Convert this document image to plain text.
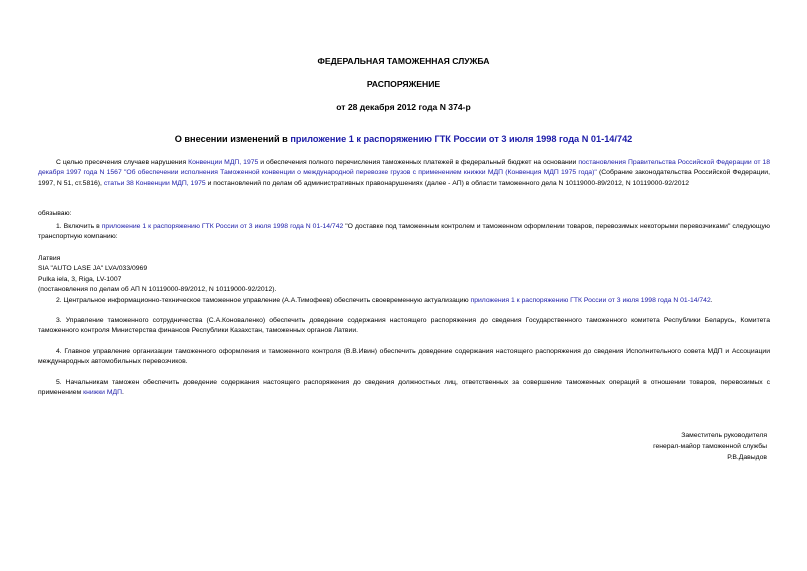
ФЕДЕРАЛЬНАЯ ТАМОЖЕННАЯ СЛУЖБА
РАСПОРЯЖЕНИЕ
от 28 декабря 2012 года N 374-р
О внесении изменений в приложение 1 к распоряжению ГТК России от 3 июля 1998 года N 01-14/742

С целью пресечения случаев нарушения Конвенции МДП, 1975 и обеспечения полного перечисления таможенных платежей в федеральный бюджет на основании постановления Правительства Российской Федерации от 18 декабря 1997 года N 1567 "Об обеспечении исполнения Таможенной конвенции о международной перевозке грузов с применением книжки МДП (Конвенция МДП 1975 года)" (Собрание законодательства Российской Федерации, 1997, N 51, ст.5816), статьи 38 Конвенции МДП, 1975 и постановлений по делам об административных правонарушениях (далее - АП) в области таможенного дела N 10119000-89/2012, N 10119000-92/2012

обязываю:

1. Включить в приложение 1 к распоряжению ГТК России от 3 июля 1998 года N 01-14/742 "О доставке под таможенным контролем и таможенном оформлении товаров, перевозимых некоторыми перевозчиками" следующую транспортную компанию:

Латвия

SIA "AUTO LASE JA" LVA/033/0969

Pulka iela, 3, Riga, LV-1007

(постановления по делам об АП N 10119000-89/2012, N 10119000-92/2012).

2. Центральное информационно-техническое таможенное управление (А.А.Тимофеев) обеспечить своевременную актуализацию приложения 1 к распоряжению ГТК России от 3 июля 1998 года N 01-14/742.

3. Управление таможенного сотрудничества (С.А.Коноваленко) обеспечить доведение содержания настоящего распоряжения до сведения Государственного таможенного комитета Республики Беларусь, Комитета таможенного контроля Министерства финансов Республики Казахстан, таможенных органов Латвии.

4. Главное управление организации таможенного оформления и таможенного контроля (В.В.Ивин) обеспечить доведение содержания настоящего распоряжения до сведения Исполнительного совета МДП и Ассоциации международных автомобильных перевозчиков.

5. Начальникам таможен обеспечить доведение содержания настоящего распоряжения до сведения должностных лиц, ответственных за совершение таможенных операций в отношении товаров, перевозимых с применением книжки МДП.

Заместитель руководителя
генерал-майор таможенной службы
Р.В.Давыдов
